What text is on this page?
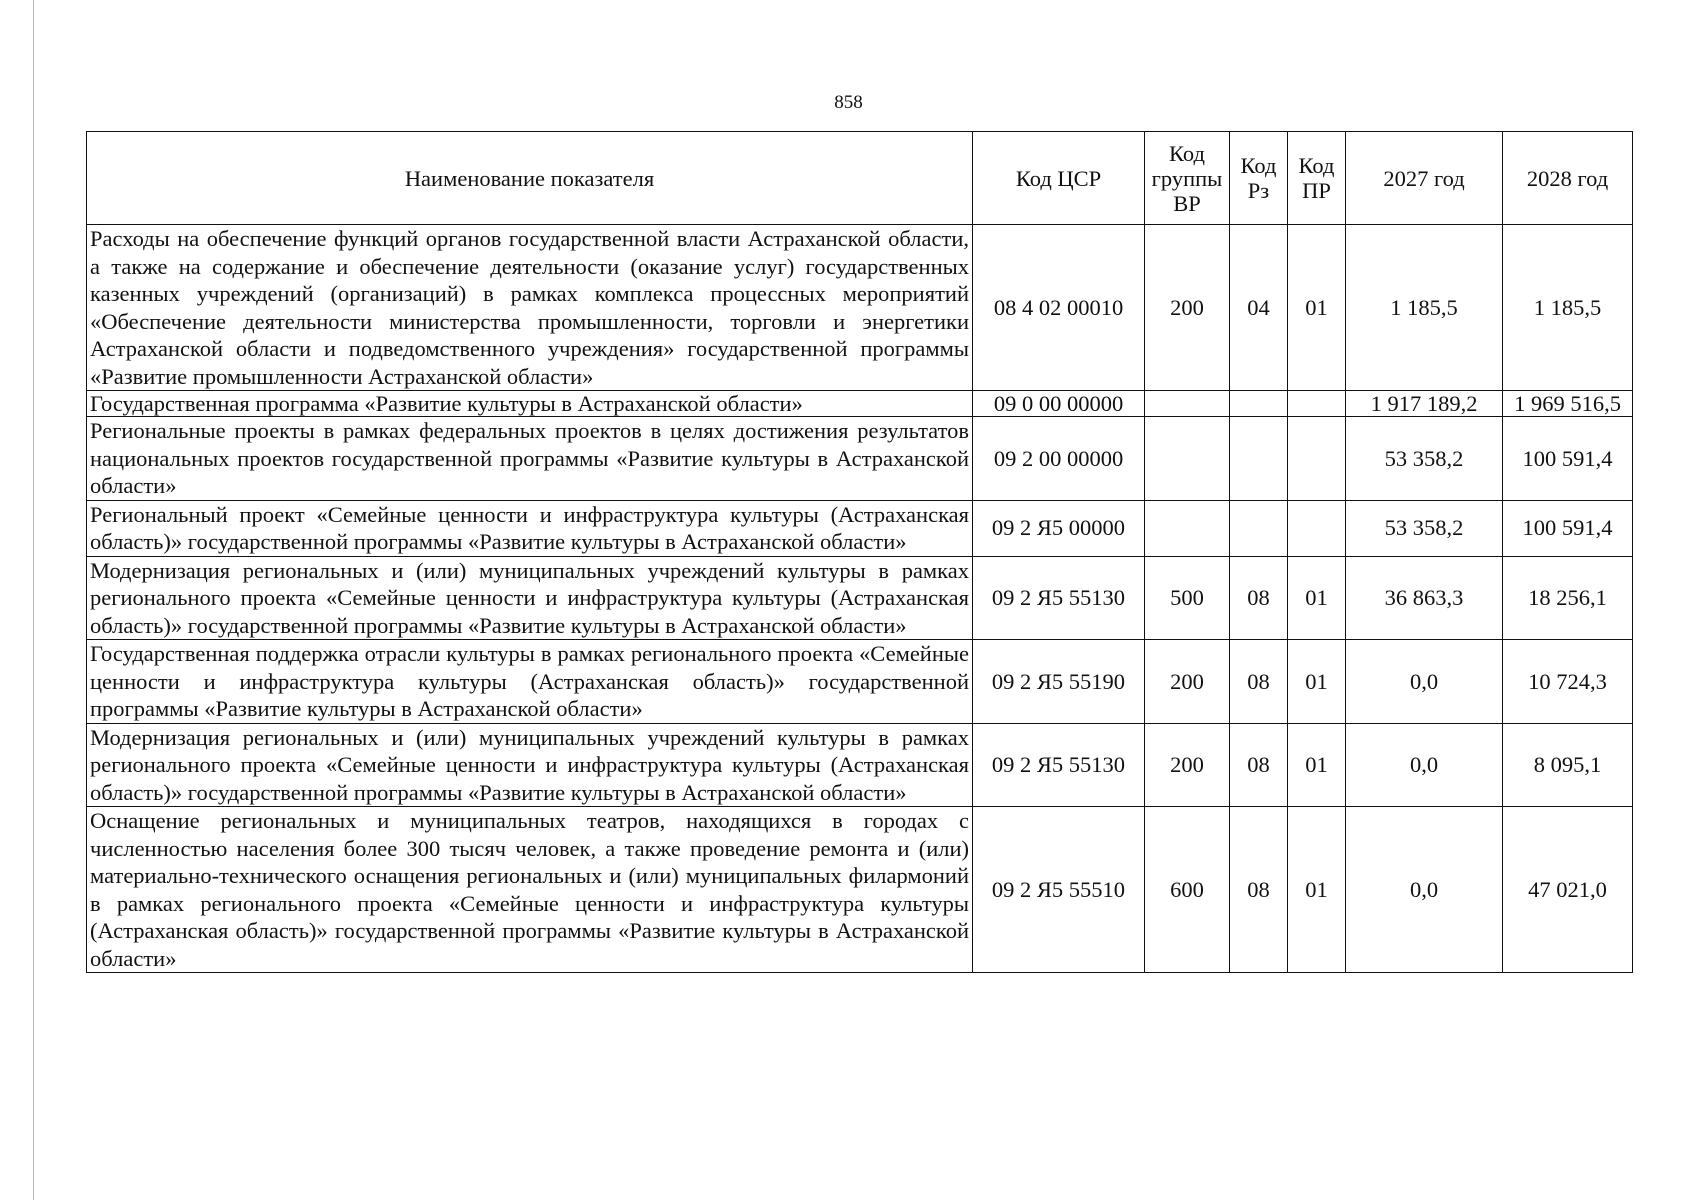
858
Наименование показателя	Код ЦСР	Код группы ВР	Код Рз	Код ПР	2027 год	2028 год
Расходы на обеспечение функций органов государственной власти Астраханской области, а также на содержание и обеспечение деятельности (оказание услуг) государственных казенных учреждений (организаций) в рамках комплекса процессных мероприятий «Обеспечение деятельности министерства промышленности, торговли и энергетики Астраханской области и подведомственного учреждения» государственной программы «Развитие промышленности Астраханской области»	08 4 02 00010	200	04	01	1 185,5	1 185,5
Государственная программа «Развитие культуры в Астраханской области»	09 0 00 00000				1 917 189,2	1 969 516,5
Региональные проекты в рамках федеральных проектов в целях достижения результатов национальных проектов государственной программы «Развитие культуры в Астраханской области»	09 2 00 00000				53 358,2	100 591,4
Региональный проект «Семейные ценности и инфраструктура культуры (Астраханская область)» государственной программы «Развитие культуры в Астраханской области»	09 2 Я5 00000				53 358,2	100 591,4
Модернизация региональных и (или) муниципальных учреждений культуры в рамках регионального проекта «Семейные ценности и инфраструктура культуры (Астраханская область)» государственной программы «Развитие культуры в Астраханской области»	09 2 Я5 55130	500	08	01	36 863,3	18 256,1
Государственная поддержка отрасли культуры в рамках регионального проекта «Семейные ценности и инфраструктура культуры (Астраханская область)» государственной программы «Развитие культуры в Астраханской области»	09 2 Я5 55190	200	08	01	0,0	10 724,3
Модернизация региональных и (или) муниципальных учреждений культуры в рамках регионального проекта «Семейные ценности и инфраструктура культуры (Астраханская область)» государственной программы «Развитие культуры в Астраханской области»	09 2 Я5 55130	200	08	01	0,0	8 095,1
Оснащение региональных и муниципальных театров, находящихся в городах с численностью населения более 300 тысяч человек, а также проведение ремонта и (или) материально-технического оснащения региональных и (или) муниципальных филармоний в рамках регионального проекта «Семейные ценности и инфраструктура культуры (Астраханская область)» государственной программы «Развитие культуры в Астраханской области»	09 2 Я5 55510	600	08	01	0,0	47 021,0
